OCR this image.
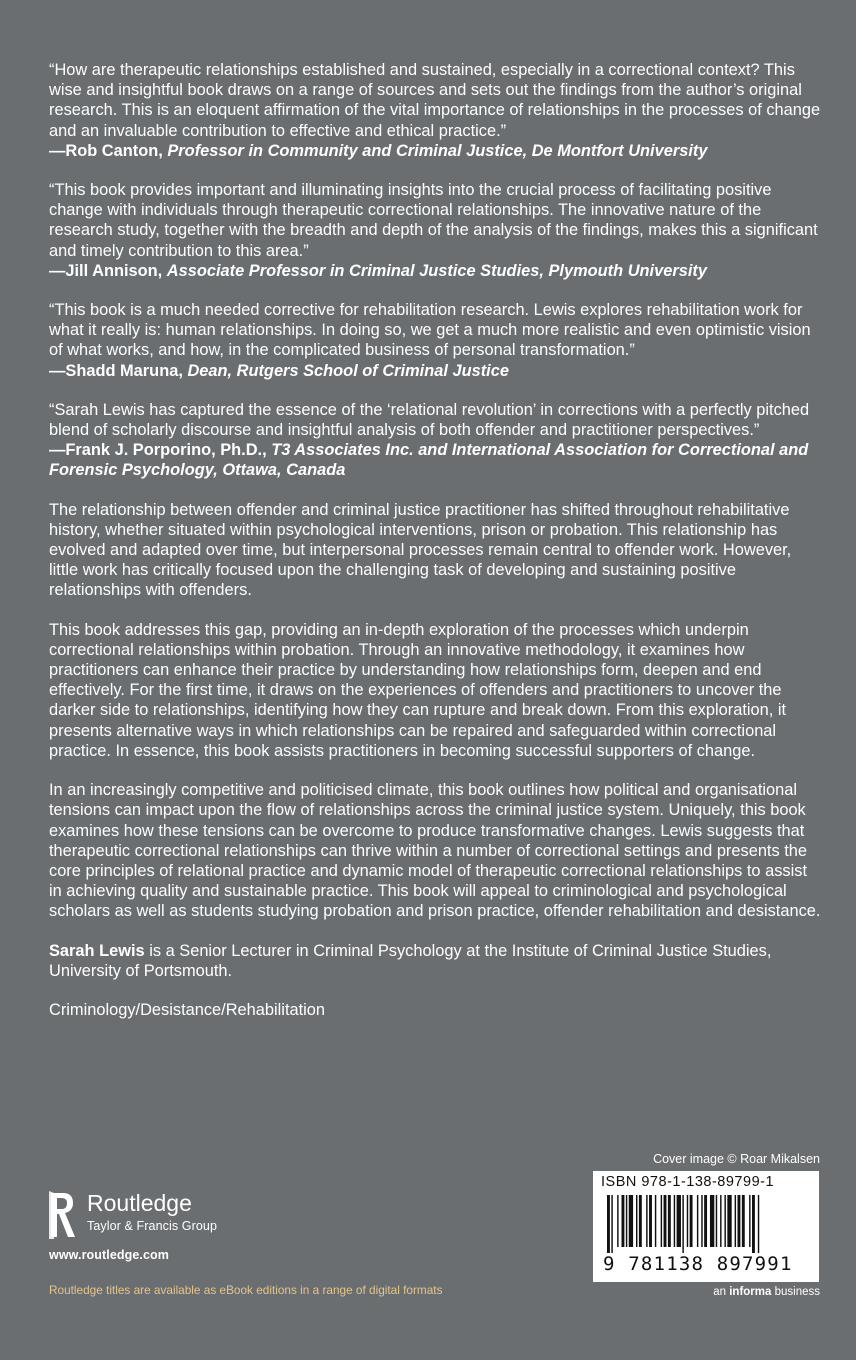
“How are therapeutic relationships established and sustained, especially in a correctional context? This wise and insightful book draws on a range of sources and sets out the findings from the author’s original research. This is an eloquent affirmation of the vital importance of relationships in the processes of change and an invaluable contribution to effective and ethical practice.”

—Rob Canton, Professor in Community and Criminal Justice, De Montfort University

“This book provides important and illuminating insights into the crucial process of facilitating positive change with individuals through therapeutic correctional relationships. The innovative nature of the research study, together with the breadth and depth of the analysis of the findings, makes this a significant and timely contribution to this area.”

—Jill Annison, Associate Professor in Criminal Justice Studies, Plymouth University

“This book is a much needed corrective for rehabilitation research. Lewis explores rehabilitation work for what it really is: human relationships. In doing so, we get a much more realistic and even optimistic vision of what works, and how, in the complicated business of personal transformation.”

—Shadd Maruna, Dean, Rutgers School of Criminal Justice

“Sarah Lewis has captured the essence of the ‘relational revolution’ in corrections with a perfectly pitched blend of scholarly discourse and insightful analysis of both offender and practitioner perspectives.”

—Frank J. Porporino, Ph.D., T3 Associates Inc. and International Association for Correctional and Forensic Psychology, Ottawa, Canada

The relationship between offender and criminal justice practitioner has shifted throughout rehabilitative history, whether situated within psychological interventions, prison or probation. This relationship has evolved and adapted over time, but interpersonal processes remain central to offender work. However, little work has critically focused upon the challenging task of developing and sustaining positive relationships with offenders.

This book addresses this gap, providing an in-depth exploration of the processes which underpin correctional relationships within probation. Through an innovative methodology, it examines how practitioners can enhance their practice by understanding how relationships form, deepen and end effectively. For the first time, it draws on the experiences of offenders and practitioners to uncover the darker side to relationships, identifying how they can rupture and break down. From this exploration, it presents alternative ways in which relationships can be repaired and safeguarded within correctional practice. In essence, this book assists practitioners in becoming successful supporters of change.

In an increasingly competitive and politicised climate, this book outlines how political and organisational tensions can impact upon the flow of relationships across the criminal justice system. Uniquely, this book examines how these tensions can be overcome to produce transformative changes. Lewis suggests that therapeutic correctional relationships can thrive within a number of correctional settings and presents the core principles of relational practice and dynamic model of therapeutic correctional relationships to assist in achieving quality and sustainable practice. This book will appeal to criminological and psychological scholars as well as students studying probation and prison practice, offender rehabilitation and desistance.

Sarah Lewis is a Senior Lecturer in Criminal Psychology at the Institute of Criminal Justice Studies, University of Portsmouth.

Criminology/Desistance/Rehabilitation

Routledge
Taylor & Francis Group
www.routledge.com
Routledge titles are available as eBook editions in a range of digital formats
Cover image © Roar Mikalsen
ISBN 978-1-138-89799-1
9 781138 897991
an informa business
